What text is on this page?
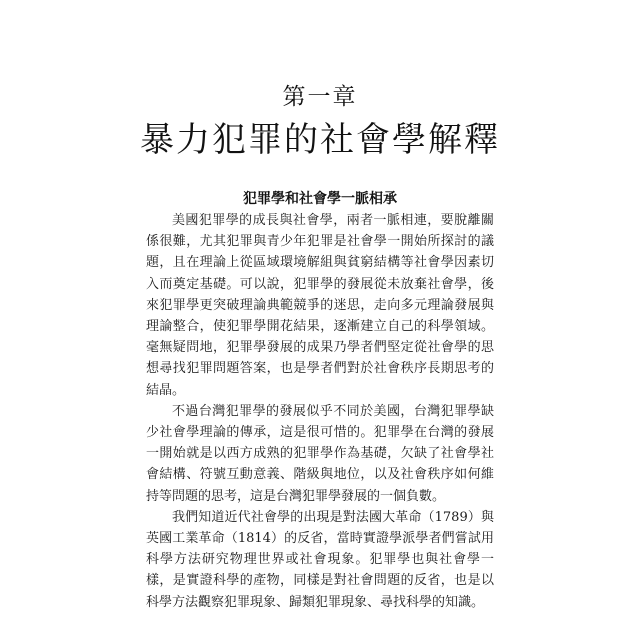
第一章
暴力犯罪的社會學解釋
犯罪學和社會學一脈相承

美國犯罪學的成長與社會學，兩者一脈相連，要脫離關係很難，尤其犯罪與青少年犯罪是社會學一開始所探討的議題，且在理論上從區域環境解組與貧窮結構等社會學因素切入而奠定基礎。可以說，犯罪學的發展從未放棄社會學，後來犯罪學更突破理論典範競爭的迷思，走向多元理論發展與理論整合，使犯罪學開花結果，逐漸建立自己的科學領域。毫無疑問地，犯罪學發展的成果乃學者們堅定從社會學的思想尋找犯罪問題答案，也是學者們對於社會秩序長期思考的結晶。

不過台灣犯罪學的發展似乎不同於美國，台灣犯罪學缺少社會學理論的傳承，這是很可惜的。犯罪學在台灣的發展一開始就是以西方成熟的犯罪學作為基礎，欠缺了社會學社會結構、符號互動意義、階級與地位，以及社會秩序如何維持等問題的思考，這是台灣犯罪學發展的一個負數。

我們知道近代社會學的出現是對法國大革命（1789）與英國工業革命（1814）的反省，當時實證學派學者們嘗試用科學方法研究物理世界或社會現象。犯罪學也與社會學一樣，是實證科學的產物，同樣是對社會問題的反省，也是以科學方法觀察犯罪現象、歸類犯罪現象、尋找科學的知識。
